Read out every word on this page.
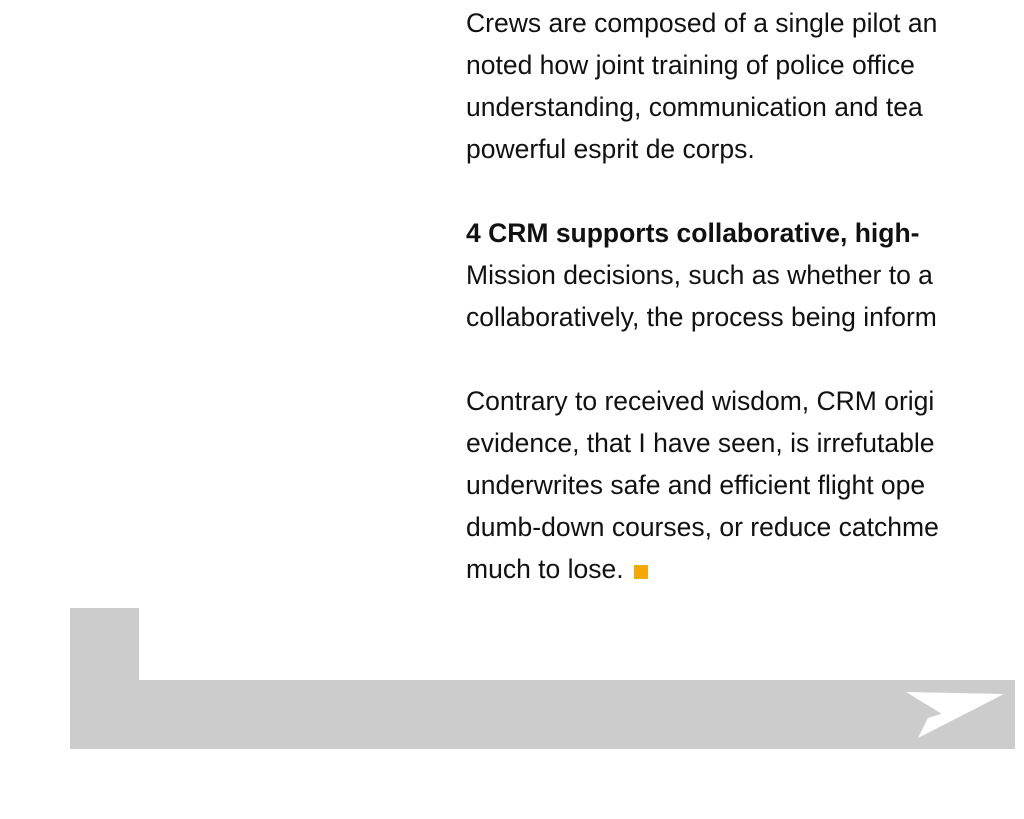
Crews are composed of a single pilot an
noted how joint training of police office
understanding, communication and tea
powerful esprit de corps.
4 CRM supports collaborative, high-
Mission decisions, such as whether to a
collaboratively, the process being inform
Contrary to received wisdom, CRM origi
evidence, that I have seen, is irrefutable
underwrites safe and efficient flight ope
dumb-down courses, or reduce catchme
much to lose.
